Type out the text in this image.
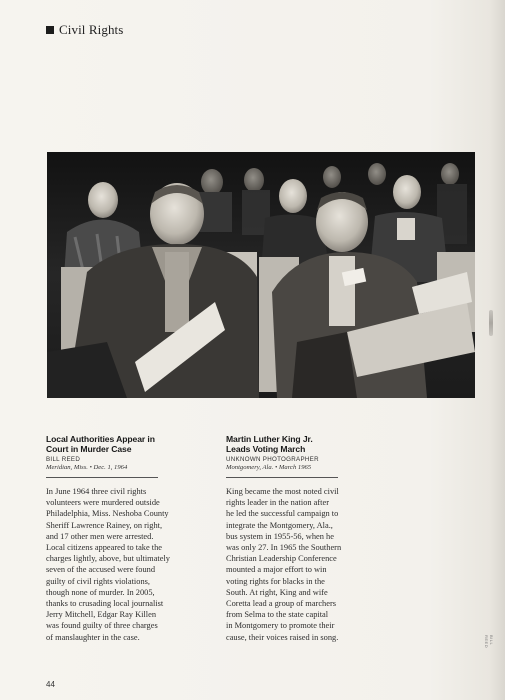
Civil Rights
Local Authorities Appear in
Court in Murder Case
BILL REED
Meridian, Miss. • Dec. 1, 1964
In June 1964 three civil rights
volunteers were murdered outside
Philadelphia, Miss. Neshoba County
Sheriff Lawrence Rainey, on right,
and 17 other men were arrested.
Local citizens appeared to take the
charges lightly, above, but ultimately
seven of the accused were found
guilty of civil rights violations,
though none of murder. In 2005,
thanks to crusading local journalist
Jerry Mitchell, Edgar Ray Killen
was found guilty of three charges
of manslaughter in the case.
Martin Luther King Jr.
Leads Voting March
UNKNOWN PHOTOGRAPHER
Montgomery, Ala. • March 1965
King became the most noted civil
rights leader in the nation after
he led the successful campaign to
integrate the Montgomery, Ala.,
bus system in 1955-56, when he
was only 27. In 1965 the Southern
Christian Leadership Conference
mounted a major effort to win
voting rights for blacks in the
South. At right, King and wife
Coretta lead a group of marchers
from Selma to the state capital
in Montgomery to promote their
cause, their voices raised in song.
44
BILL REED
